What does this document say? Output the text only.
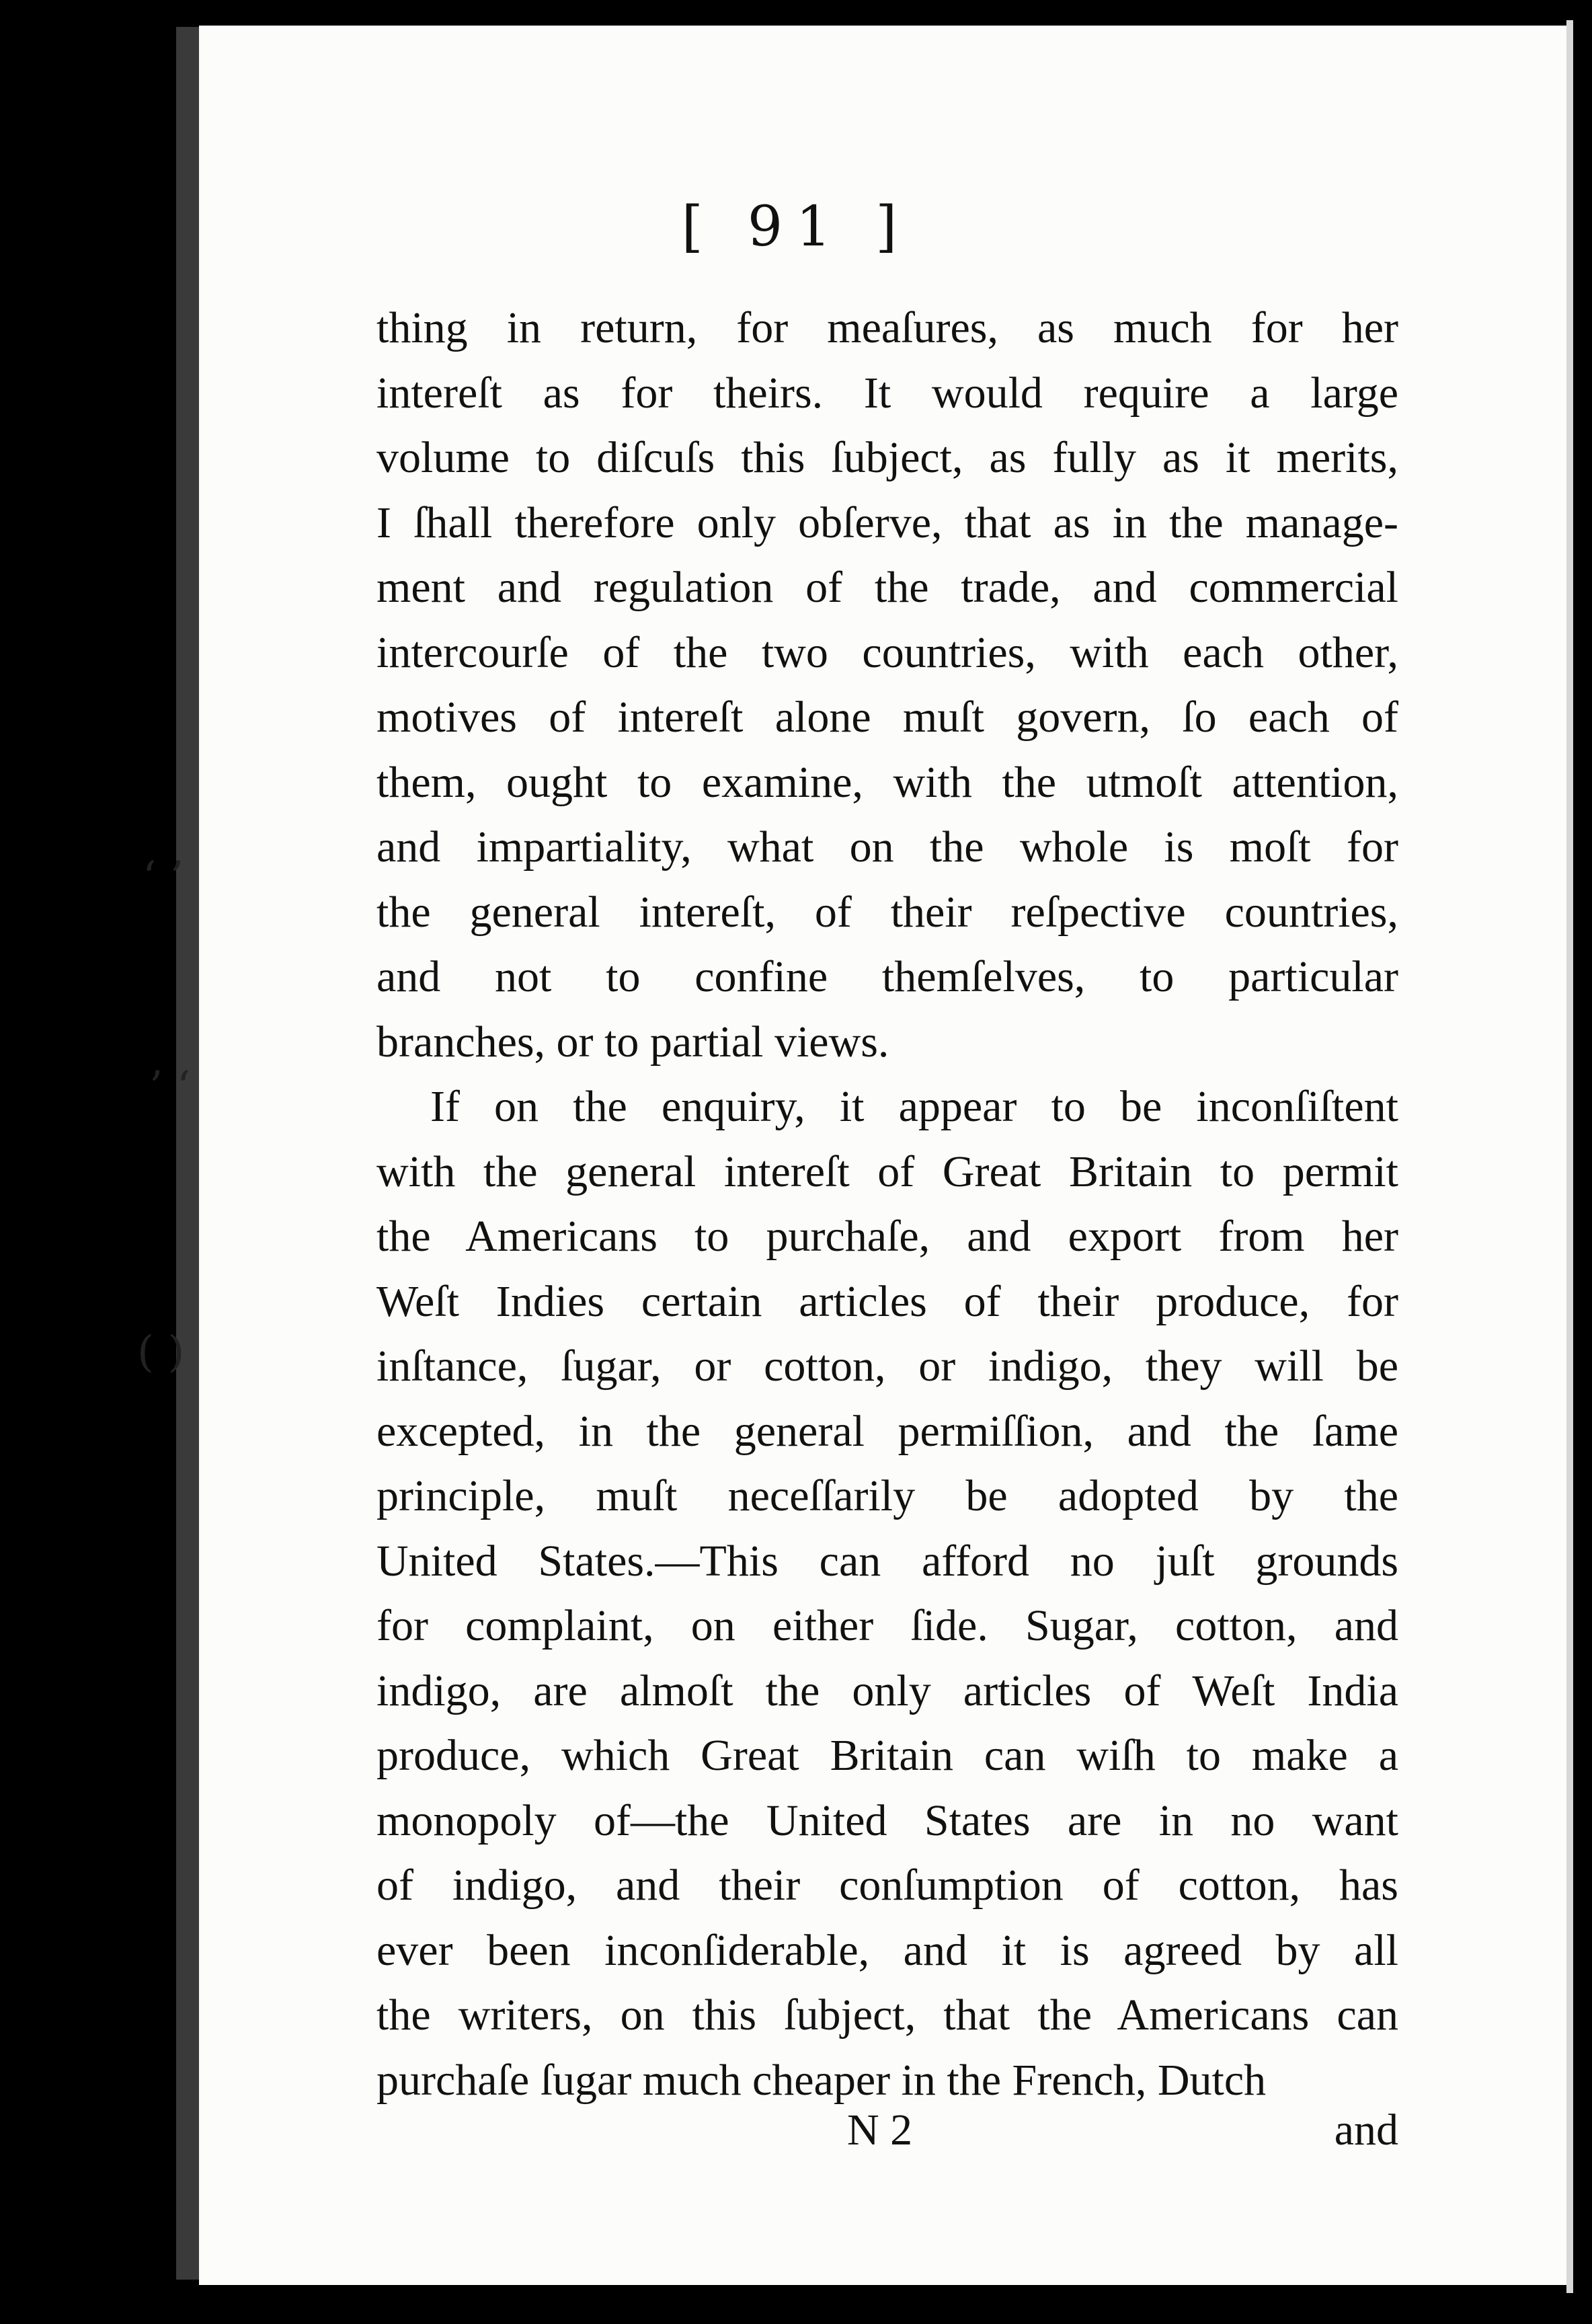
‘ ’
’ ‘
( )
[ 91 ]
thing in return, for meaſures, as much for her
intereſt as for theirs. It would require a large
volume to diſcuſs this ſubject, as fully as it merits,
I ſhall therefore only obſerve, that as in the manage-
ment and regulation of the trade, and commercial
intercourſe of the two countries, with each other,
motives of intereſt alone muſt govern, ſo each of
them, ought to examine, with the utmoſt attention,
and impartiality, what on the whole is moſt for
the general intereſt, of their reſpective countries,
and not to confine themſelves, to particular
branches, or to partial views.
If on the enquiry, it appear to be inconſiſtent
with the general intereſt of Great Britain to permit
the Americans to purchaſe, and export from her
Weſt Indies certain articles of their produce, for
inſtance, ſugar, or cotton, or indigo, they will be
excepted, in the general permiſſion, and the ſame
principle, muſt neceſſarily be adopted by the
United States.—This can afford no juſt grounds
for complaint, on either ſide. Sugar, cotton, and
indigo, are almoſt the only articles of Weſt India
produce, which Great Britain can wiſh to make a
monopoly of—the United States are in no want
of indigo, and their conſumption of cotton, has
ever been inconſiderable, and it is agreed by all
the writers, on this ſubject, that the Americans can
purchaſe ſugar much cheaper in the French, Dutch
N 2	and
